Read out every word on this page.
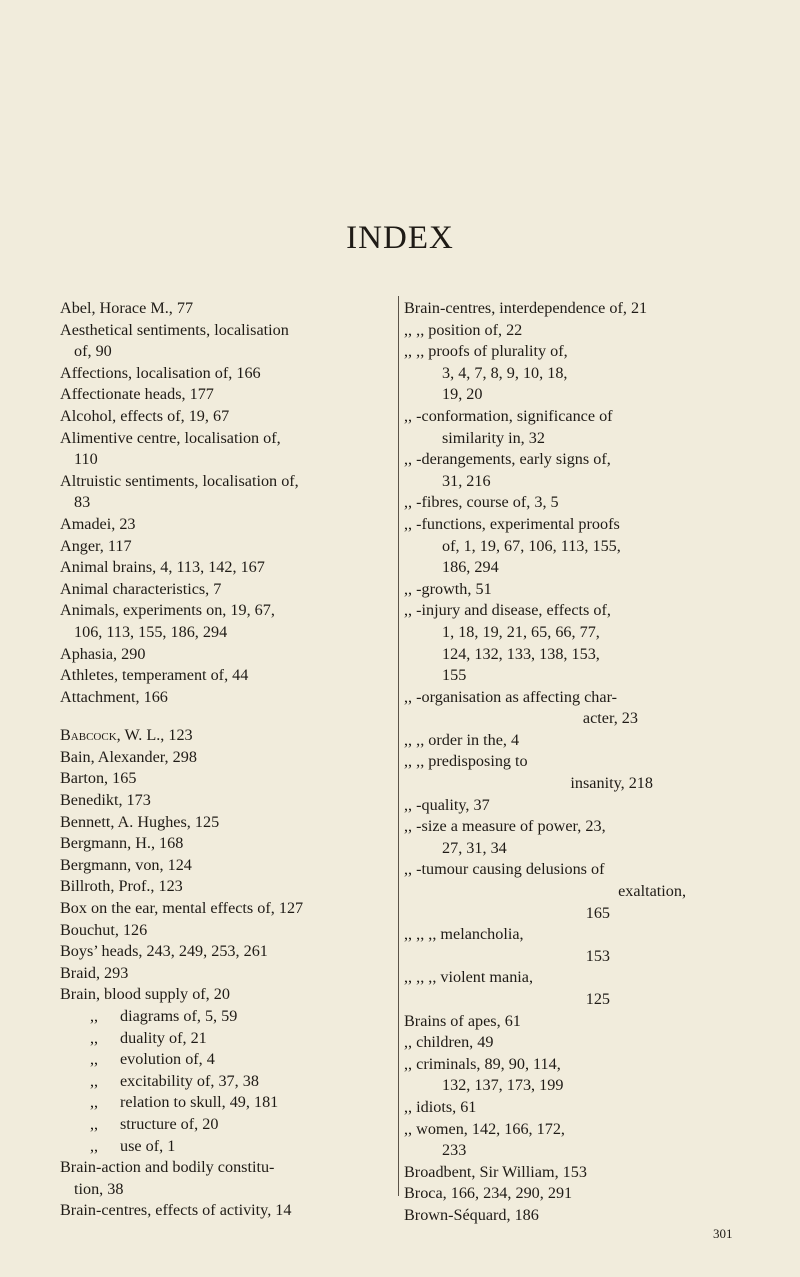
INDEX
Abel, Horace M., 77
Aesthetical sentiments, localisation
of, 90
Affections, localisation of, 166
Affectionate heads, 177
Alcohol, effects of, 19, 67
Alimentive centre, localisation of,
110
Altruistic sentiments, localisation of,
83
Amadei, 23
Anger, 117
Animal brains, 4, 113, 142, 167
Animal characteristics, 7
Animals, experiments on, 19, 67,
106, 113, 155, 186, 294
Aphasia, 290
Athletes, temperament of, 44
Attachment, 166
Babcock, W. L., 123
Bain, Alexander, 298
Barton, 165
Benedikt, 173
Bennett, A. Hughes, 125
Bergmann, H., 168
Bergmann, von, 124
Billroth, Prof., 123
Box on the ear, mental effects of, 127
Bouchut, 126
Boys’ heads, 243, 249, 253, 261
Braid, 293
Brain, blood supply of, 20
,, diagrams of, 5, 59
,, duality of, 21
,, evolution of, 4
,, excitability of, 37, 38
,, relation to skull, 49, 181
,, structure of, 20
,, use of, 1
Brain-action and bodily constitu-
tion, 38
Brain-centres, effects of activity, 14
Brain-centres, interdependence of, 21
,, ,, position of, 22
,, ,, proofs of plurality of,
3, 4, 7, 8, 9, 10, 18,
19, 20
,, -conformation, significance of
similarity in, 32
,, -derangements, early signs of,
31, 216
,, -fibres, course of, 3, 5
,, -functions, experimental proofs
of, 1, 19, 67, 106, 113, 155,
186, 294
,, -growth, 51
,, -injury and disease, effects of,
1, 18, 19, 21, 65, 66, 77,
124, 132, 133, 138, 153,
155
,, -organisation as affecting char-
acter, 23
,, ,, order in the, 4
,, ,, predisposing to
insanity, 218
,, -quality, 37
,, -size a measure of power, 23,
27, 31, 34
,, -tumour causing delusions of
exaltation,
165
,, ,, ,, melancholia,
153
,, ,, ,, violent mania,
125
Brains of apes, 61
,, children, 49
,, criminals, 89, 90, 114,
132, 137, 173, 199
,, idiots, 61
,, women, 142, 166, 172,
233
Broadbent, Sir William, 153
Broca, 166, 234, 290, 291
Brown-Séquard, 186
301
